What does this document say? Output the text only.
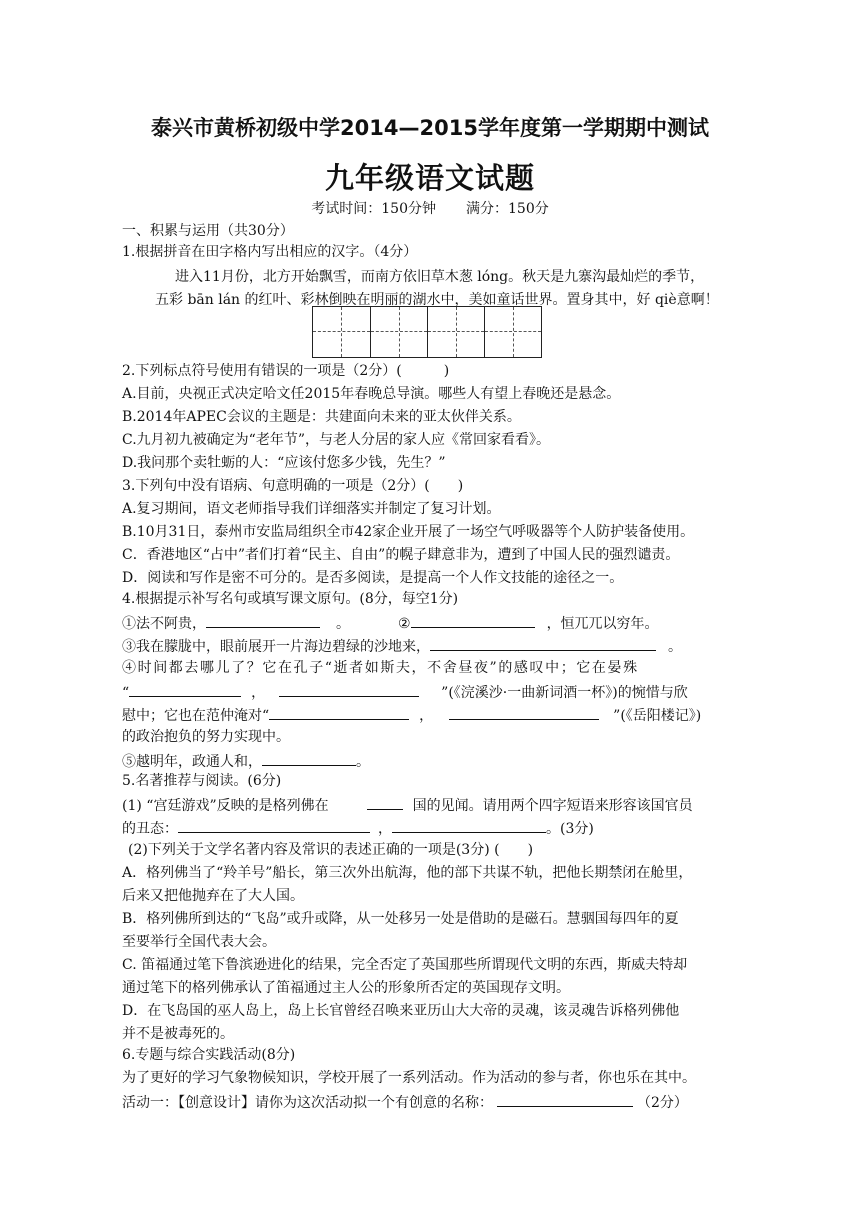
泰兴市黄桥初级中学2014—2015学年度第一学期期中测试
九年级语文试题
考试时间：150分钟 满分：150分
一、积累与运用（共30分）
1.根据拼音在田字格内写出相应的汉字。（4分）
进入11月份，北方开始飘雪，而南方依旧草木葱 lóng。秋天是九寨沟最灿烂的季节，
五彩 bān lán 的红叶、彩林倒映在明丽的湖水中，美如童话世界。置身其中，好 qiè意啊！
2.下列标点符号使用有错误的一项是（2分）(　　　)
A.目前，央视正式决定哈文任2015年春晚总导演。哪些人有望上春晚还是悬念。
B.2014年APEC会议的主题是：共建面向未来的亚太伙伴关系。
C.九月初九被确定为“老年节”，与老人分居的家人应《常回家看看》。
D.我问那个卖牡蛎的人：“应该付您多少钱，先生？”
3.下列句中没有语病、句意明确的一项是（2分）(　　)
A.复习期间，语文老师指导我们详细落实并制定了复习计划。
B.10月31日，泰州市安监局组织全市42家企业开展了一场空气呼吸器等个人防护装备使用。
C．香港地区“占中”者们打着“民主、自由”的幌子肆意非为，遭到了中国人民的强烈谴责。
D．阅读和写作是密不可分的。是否多阅读，是提高一个人作文技能的途径之一。
4.根据提示补写名句或填写课文原句。(8分，每空1分)
①法不阿贵，	。	②	，恒兀兀以穷年。
③我在朦胧中，眼前展开一片海边碧绿的沙地来，	。
④时间都去哪儿了？它在孔子“逝者如斯夫，不舍昼夜”的感叹中；它在晏殊
“	，	”(《浣溪沙·一曲新词酒一杯》)的惋惜与欣
慰中；它也在范仲淹对“	，	”(《岳阳楼记》)
的政治抱负的努力实现中。
⑤越明年，政通人和，	。
5.名著推荐与阅读。(6分)
(1) “宫廷游戏”反映的是格列佛在	国的见闻。请用两个四字短语来形容该国官员
的丑态：	，	。(3分)
(2)下列关于文学名著内容及常识的表述正确的一项是(3分) (　　)
A．格列佛当了“羚羊号”船长，第三次外出航海，他的部下共谋不轨，把他长期禁闭在舱里，
后来又把他抛弃在了大人国。
B．格列佛所到达的“飞岛”或升或降，从一处移另一处是借助的是磁石。慧骃国每四年的夏
至要举行全国代表大会。
C. 笛福通过笔下鲁滨逊进化的结果，完全否定了英国那些所谓现代文明的东西，斯威夫特却
通过笔下的格列佛承认了笛福通过主人公的形象所否定的英国现存文明。
D．在飞岛国的巫人岛上，岛上长官曾经召唤来亚历山大大帝的灵魂，该灵魂告诉格列佛他
并不是被毒死的。
6.专题与综合实践活动(8分)
为了更好的学习气象物候知识，学校开展了一系列活动。作为活动的参与者，你也乐在其中。
活动一：【创意设计】请你为这次活动拟一个有创意的名称：	（2分）
